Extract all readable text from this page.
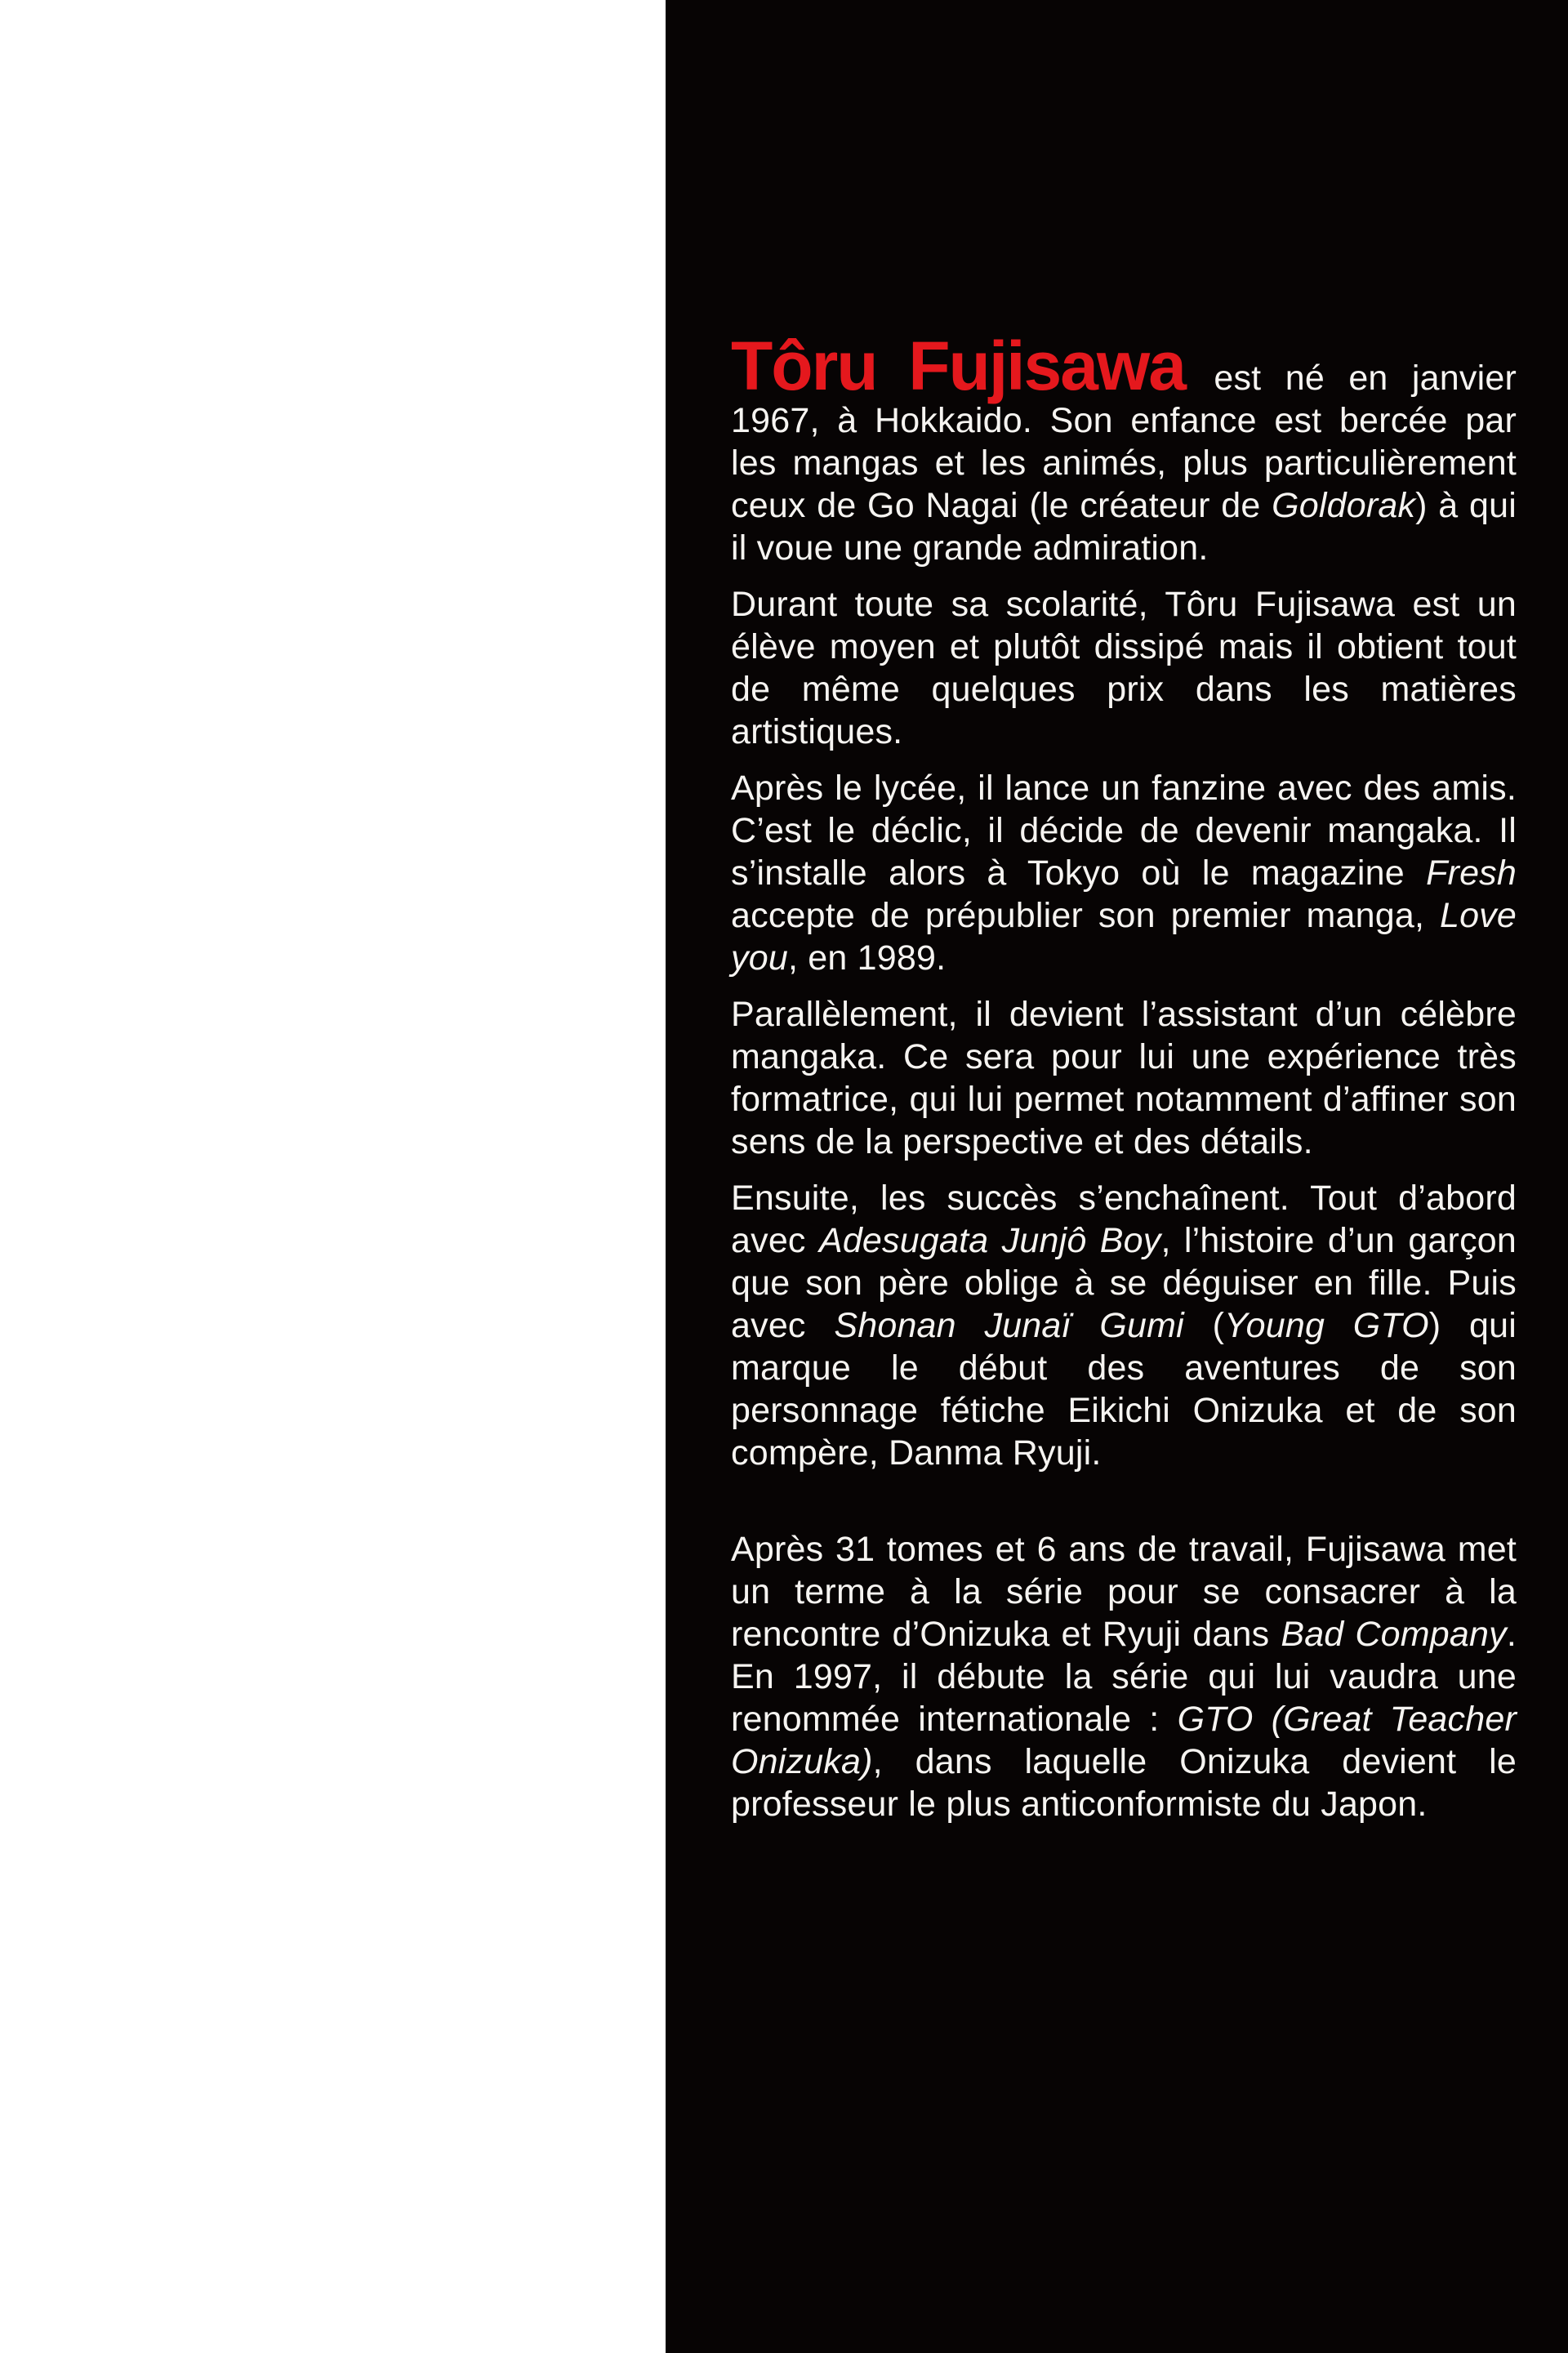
Tôru Fujisawa est né en janvier 1967, à Hokkaido. Son enfance est bercée par les mangas et les animés, plus particulièrement ceux de Go Nagai (le créateur de Goldorak) à qui il voue une grande admiration.

Durant toute sa scolarité, Tôru Fujisawa est un élève moyen et plutôt dissipé mais il obtient tout de même quelques prix dans les matières artistiques.

Après le lycée, il lance un fanzine avec des amis. C’est le déclic, il décide de devenir mangaka. Il s’installe alors à Tokyo où le magazine Fresh accepte de prépublier son premier manga, Love you, en 1989.

Parallèlement, il devient l’assistant d’un célèbre mangaka. Ce sera pour lui une expérience très formatrice, qui lui permet notamment d’affiner son sens de la perspective et des détails.

Ensuite, les succès s’enchaînent. Tout d’abord avec Adesugata Junjô Boy, l’histoire d’un garçon que son père oblige à se déguiser en fille. Puis avec Shonan Junaï Gumi (Young GTO) qui marque le début des aventures de son personnage fétiche Eikichi Onizuka et de son compère, Danma Ryuji.

Après 31 tomes et 6 ans de travail, Fujisawa met un terme à la série pour se consacrer à la rencontre d’Onizuka et Ryuji dans Bad Company. En 1997, il débute la série qui lui vaudra une renommée internationale : GTO (Great Teacher Onizuka), dans laquelle Onizuka devient le professeur le plus anticonformiste du Japon.
